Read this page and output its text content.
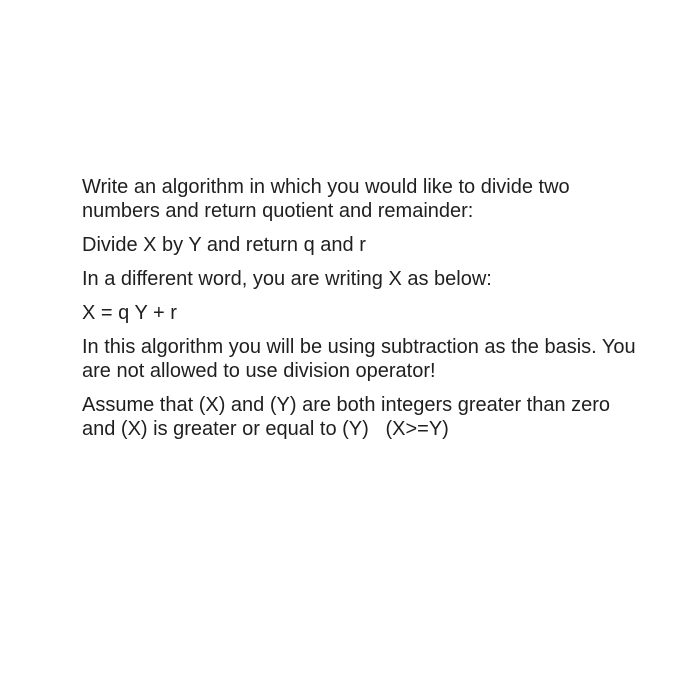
Write an algorithm in which you would like to divide two numbers and return quotient and remainder:

Divide X by Y and return q and r

In a different word, you are writing X as below:

X = q Y + r

In this algorithm you will be using subtraction as the basis. You are not allowed to use division operator!

Assume that (X) and (Y) are both integers greater than zero and (X) is greater or equal to (Y)   (X>=Y)
